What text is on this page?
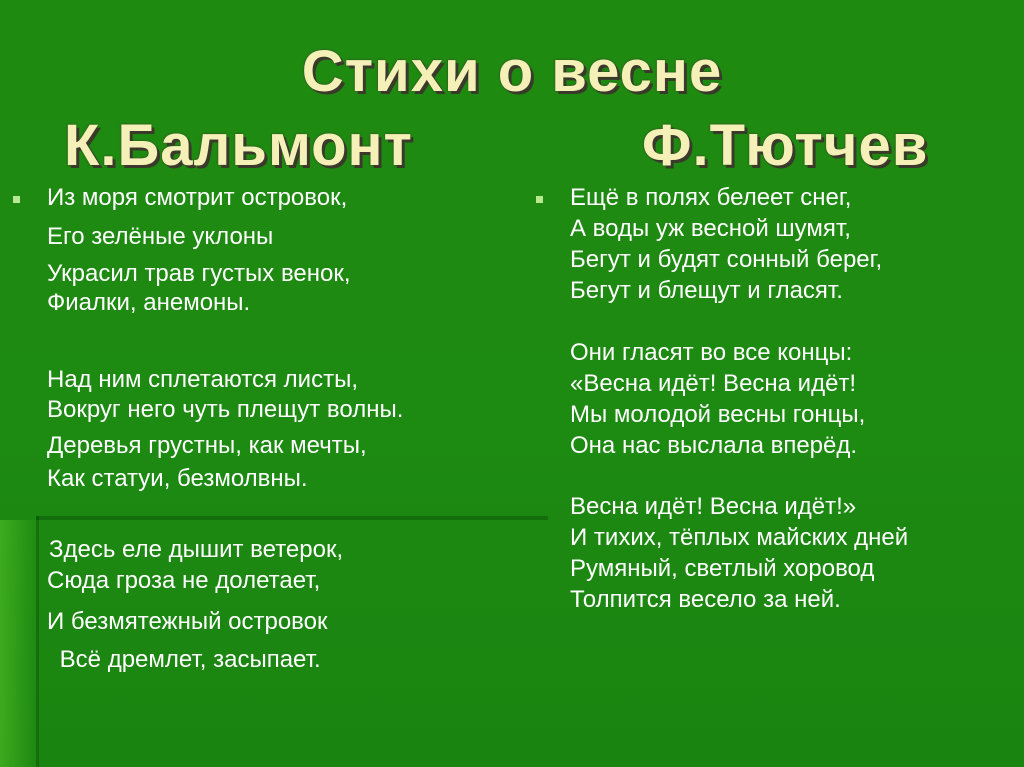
Стихи о весне
К.Бальмонт	Ф.Тютчев
Из моря смотрит островок,
Его зелёные уклоны
Украсил трав густых венок,
Фиалки, анемоны.
Над ним сплетаются листы,
Вокруг него чуть плещут волны.
Деревья грустны, как мечты,
Как статуи, безмолвны.
Здесь еле дышит ветерок,
Сюда гроза не долетает,
И безмятежный островок
Всё дремлет, засыпает.
Ещё в полях белеет снег,
А воды уж весной шумят,
Бегут и будят сонный берег,
Бегут и блещут и гласят.
Они гласят во все концы:
«Весна идёт! Весна идёт!
Мы молодой весны гонцы,
Она нас выслала вперёд.
Весна идёт! Весна идёт!»
И тихих, тёплых майских дней
Румяный, светлый хоровод
Толпится весело за ней.
